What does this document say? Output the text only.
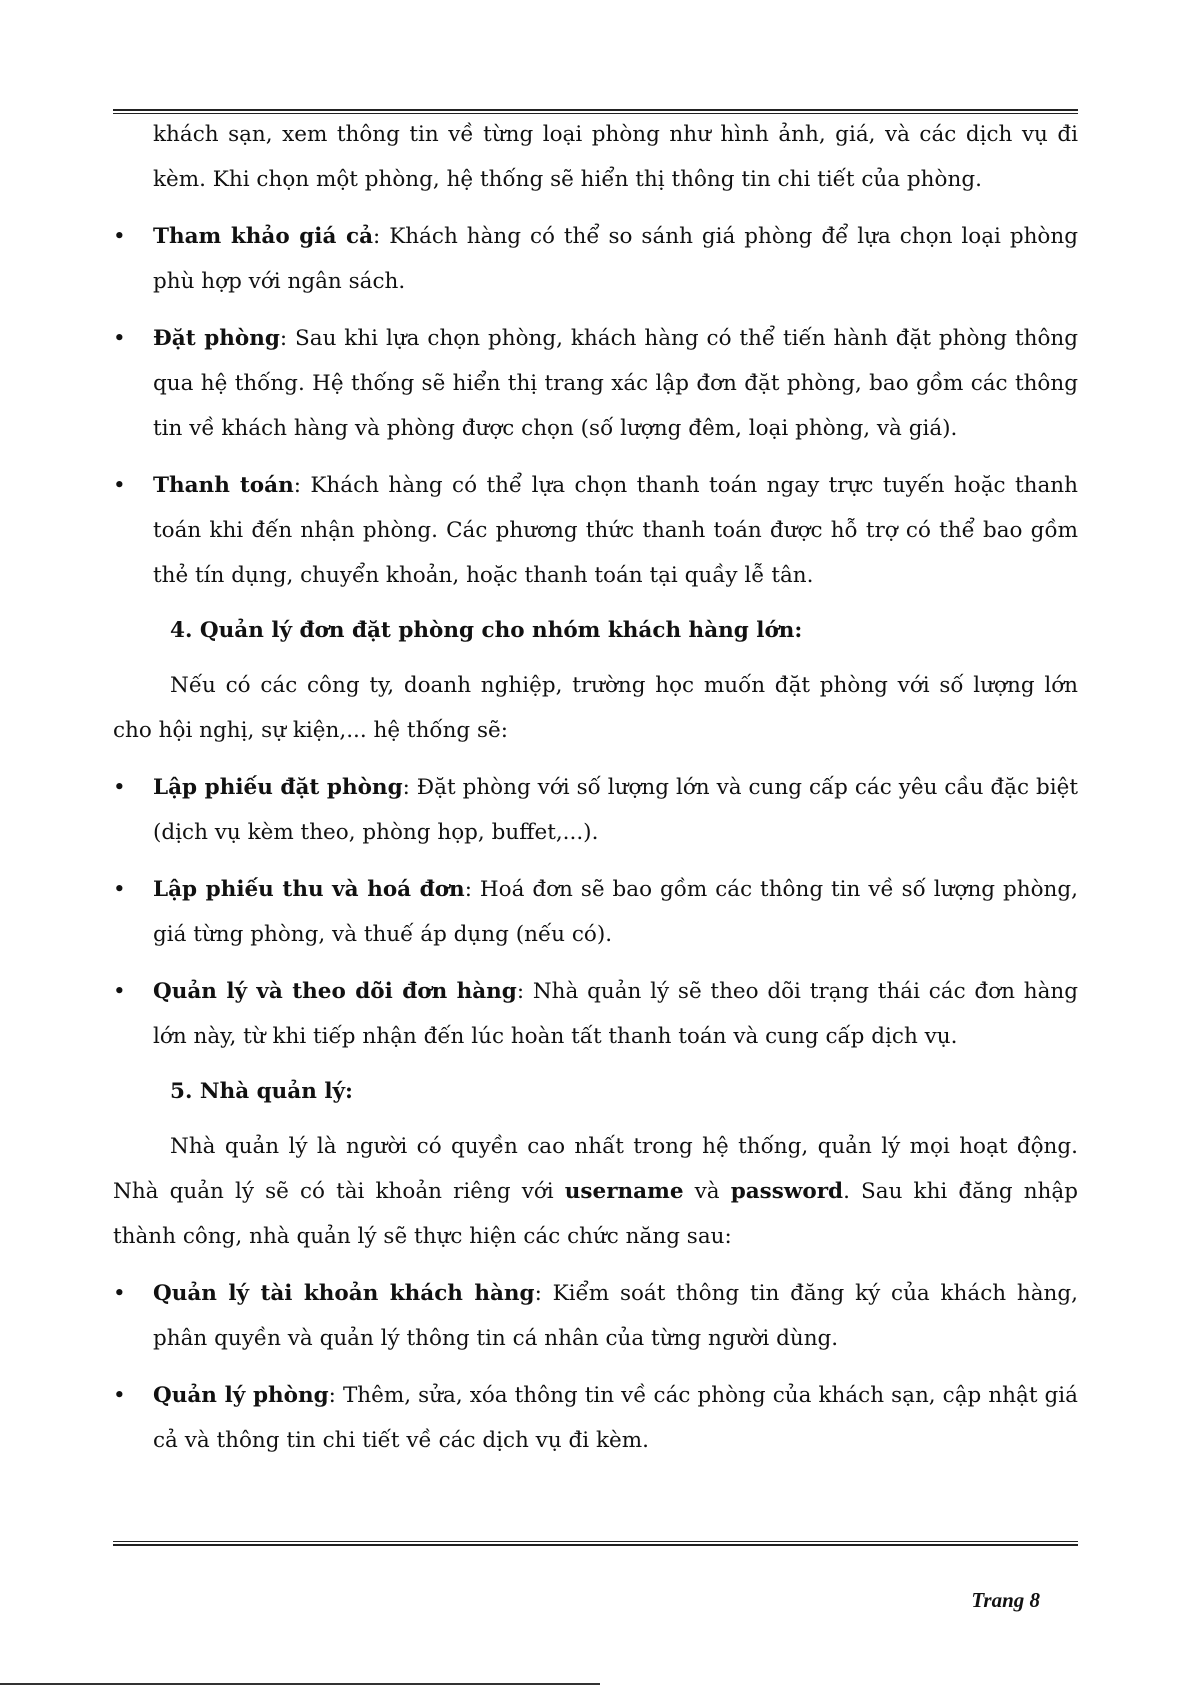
khách sạn, xem thông tin về từng loại phòng như hình ảnh, giá, và các dịch vụ đi kèm. Khi chọn một phòng, hệ thống sẽ hiển thị thông tin chi tiết của phòng.

•	Tham khảo giá cả: Khách hàng có thể so sánh giá phòng để lựa chọn loại phòng phù hợp với ngân sách.
•	Đặt phòng: Sau khi lựa chọn phòng, khách hàng có thể tiến hành đặt phòng thông qua hệ thống. Hệ thống sẽ hiển thị trang xác lập đơn đặt phòng, bao gồm các thông tin về khách hàng và phòng được chọn (số lượng đêm, loại phòng, và giá).
•	Thanh toán: Khách hàng có thể lựa chọn thanh toán ngay trực tuyến hoặc thanh toán khi đến nhận phòng. Các phương thức thanh toán được hỗ trợ có thể bao gồm thẻ tín dụng, chuyển khoản, hoặc thanh toán tại quầy lễ tân.
4. Quản lý đơn đặt phòng cho nhóm khách hàng lớn:

Nếu có các công ty, doanh nghiệp, trường học muốn đặt phòng với số lượng lớn cho hội nghị, sự kiện,... hệ thống sẽ:

•	Lập phiếu đặt phòng: Đặt phòng với số lượng lớn và cung cấp các yêu cầu đặc biệt (dịch vụ kèm theo, phòng họp, buffet,...).
•	Lập phiếu thu và hoá đơn: Hoá đơn sẽ bao gồm các thông tin về số lượng phòng, giá từng phòng, và thuế áp dụng (nếu có).
•	Quản lý và theo dõi đơn hàng: Nhà quản lý sẽ theo dõi trạng thái các đơn hàng lớn này, từ khi tiếp nhận đến lúc hoàn tất thanh toán và cung cấp dịch vụ.
5. Nhà quản lý:

Nhà quản lý là người có quyền cao nhất trong hệ thống, quản lý mọi hoạt động. Nhà quản lý sẽ có tài khoản riêng với username và password. Sau khi đăng nhập thành công, nhà quản lý sẽ thực hiện các chức năng sau:

•	Quản lý tài khoản khách hàng: Kiểm soát thông tin đăng ký của khách hàng, phân quyền và quản lý thông tin cá nhân của từng người dùng.
•	Quản lý phòng: Thêm, sửa, xóa thông tin về các phòng của khách sạn, cập nhật giá cả và thông tin chi tiết về các dịch vụ đi kèm.
Trang 8
